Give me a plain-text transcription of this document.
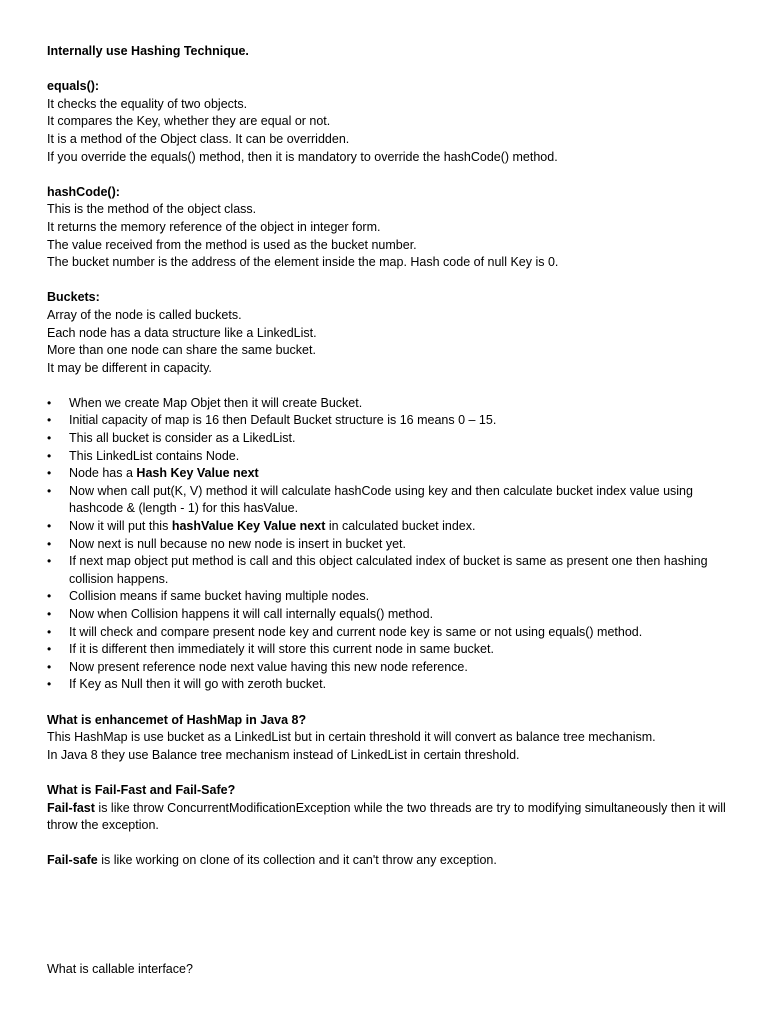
Internally use Hashing Technique.
equals():
It checks the equality of two objects.
It compares the Key, whether they are equal or not.
It is a method of the Object class. It can be overridden.
If you override the equals() method, then it is mandatory to override the hashCode() method.
hashCode():
This is the method of the object class.
It returns the memory reference of the object in integer form.
The value received from the method is used as the bucket number.
The bucket number is the address of the element inside the map. Hash code of null Key is 0.
Buckets:
Array of the node is called buckets.
Each node has a data structure like a LinkedList.
More than one node can share the same bucket.
It may be different in capacity.
• When we create Map Objet then it will create Bucket.
• Initial capacity of map is 16 then Default Bucket structure is 16 means 0 – 15.
• This all bucket is consider as a LikedList.
• This LinkedList contains Node.
• Node has a Hash Key Value next
• Now when call put(K, V) method it will calculate hashCode using key and then calculate bucket index value using hashcode & (length - 1) for this hasValue.
• Now it will put this hashValue Key Value next in calculated bucket index.
• Now next is null because no new node is insert in bucket yet.
• If next map object put method is call and this object calculated index of bucket is same as present one then hashing collision happens.
• Collision means if same bucket having multiple nodes.
• Now when Collision happens it will call internally equals() method.
• It will check and compare present node key and current node key is same or not using equals() method.
• If it is different then immediately it will store this current node in same bucket.
• Now present reference node next value having this new node reference.
• If Key as Null then it will go with zeroth bucket.
What is enhancemet of HashMap in Java 8?
This HashMap is use bucket as a LinkedList but in certain threshold it will convert as balance tree mechanism.
In Java 8 they use Balance tree mechanism instead of LinkedList in certain threshold.
What is Fail-Fast and Fail-Safe?
Fail-fast is like throw ConcurrentModificationException while the two threads are try to modifying simultaneously then it will throw the exception.
Fail-safe is like working on clone of its collection and it can't throw any exception.
What is callable interface?
